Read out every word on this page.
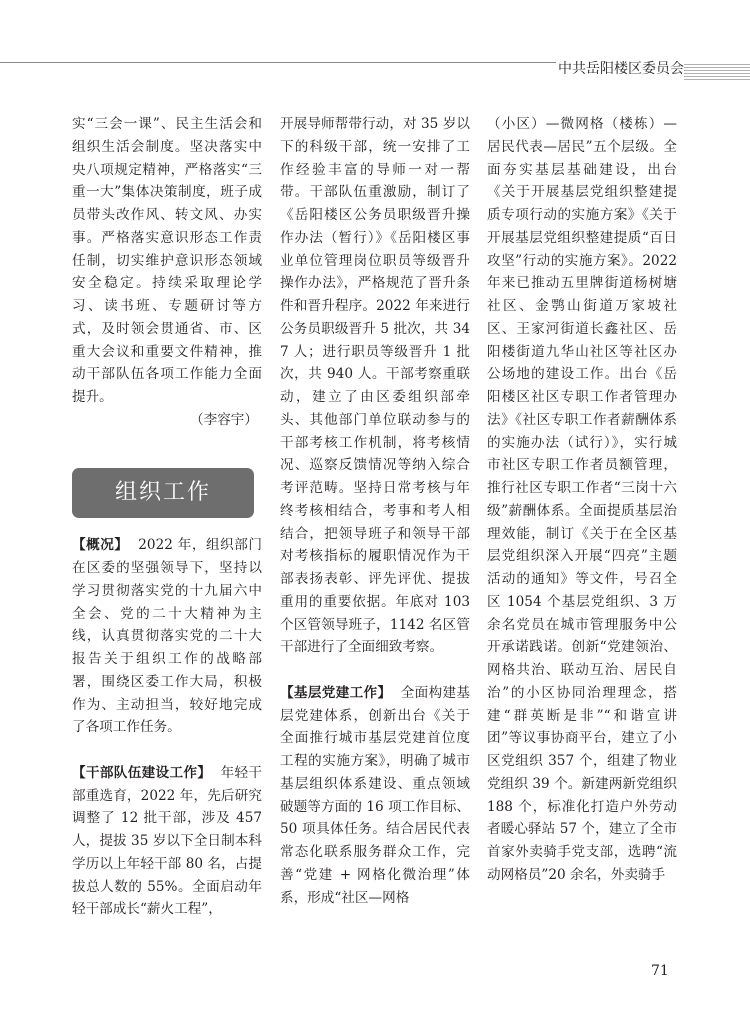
中共岳阳楼区委员会

实“三会一课”、民主生活会和组织生活会制度。坚决落实中央八项规定精神，严格落实“三重一大”集体决策制度，班子成员带头改作风、转文风、办实事。严格落实意识形态工作责任制，切实维护意识形态领域安全稳定。持续采取理论学习、读书班、专题研讨等方式，及时领会贯通省、市、区重大会议和重要文件精神，推动干部队伍各项工作能力全面提升。

（李容宇）

组织工作

【概况】 2022 年，组织部门在区委的坚强领导下，坚持以学习贯彻落实党的十九届六中全会、党的二十大精神为主线，认真贯彻落实党的二十大报告关于组织工作的战略部署，围绕区委工作大局，积极作为、主动担当，较好地完成了各项工作任务。

【干部队伍建设工作】 年轻干部重选育，2022 年，先后研究调整了 12 批干部，涉及 457 人，提拔 35 岁以下全日制本科学历以上年轻干部 80 名，占提拔总人数的 55%。全面启动年轻干部成长“薪火工程”，

开展导师帮带行动，对 35 岁以下的科级干部，统一安排了工作经验丰富的导师一对一帮带。干部队伍重激励，制订了《岳阳楼区公务员职级晋升操作办法（暂行）》《岳阳楼区事业单位管理岗位职员等级晋升操作办法》，严格规范了晋升条件和晋升程序。2022 年来进行公务员职级晋升 5 批次，共 347 人；进行职员等级晋升 1 批次，共 940 人。干部考察重联动，建立了由区委组织部牵头、其他部门单位联动参与的干部考核工作机制，将考核情况、巡察反馈情况等纳入综合考评范畴。坚持日常考核与年终考核相结合，考事和考人相结合，把领导班子和领导干部对考核指标的履职情况作为干部表扬表彰、评先评优、提拔重用的重要依据。年底对 103 个区管领导班子，1142 名区管干部进行了全面细致考察。

【基层党建工作】 全面构建基层党建体系，创新出台《关于全面推行城市基层党建首位度工程的实施方案》，明确了城市基层组织体系建设、重点领域破题等方面的 16 项工作目标、50 项具体任务。结合居民代表常态化联系服务群众工作，完善“党建 + 网格化微治理”体系，形成“社区—网格

（小区）—微网格（楼栋）—居民代表—居民”五个层级。全面夯实基层基础建设，出台《关于开展基层党组织整建提质专项行动的实施方案》《关于开展基层党组织整建提质“百日攻坚”行动的实施方案》。2022 年来已推动五里牌街道杨树塘社区、金鹗山街道万家坡社区、王家河街道长鑫社区、岳阳楼街道九华山社区等社区办公场地的建设工作。出台《岳阳楼区社区专职工作者管理办法》《社区专职工作者薪酬体系的实施办法（试行）》，实行城市社区专职工作者员额管理，推行社区专职工作者“三岗十六级”薪酬体系。全面提质基层治理效能，制订《关于在全区基层党组织深入开展“四亮”主题活动的通知》等文件，号召全区 1054 个基层党组织、3 万余名党员在城市管理服务中公开承诺践诺。创新“党建领治、网格共治、联动互治、居民自治”的小区协同治理理念，搭建“群英断是非”“和谐宣讲团”等议事协商平台，建立了小区党组织 357 个，组建了物业党组织 39 个。新建两新党组织 188 个，标准化打造户外劳动者暖心驿站 57 个，建立了全市首家外卖骑手党支部，选聘“流动网格员”20 余名，外卖骑手

71
